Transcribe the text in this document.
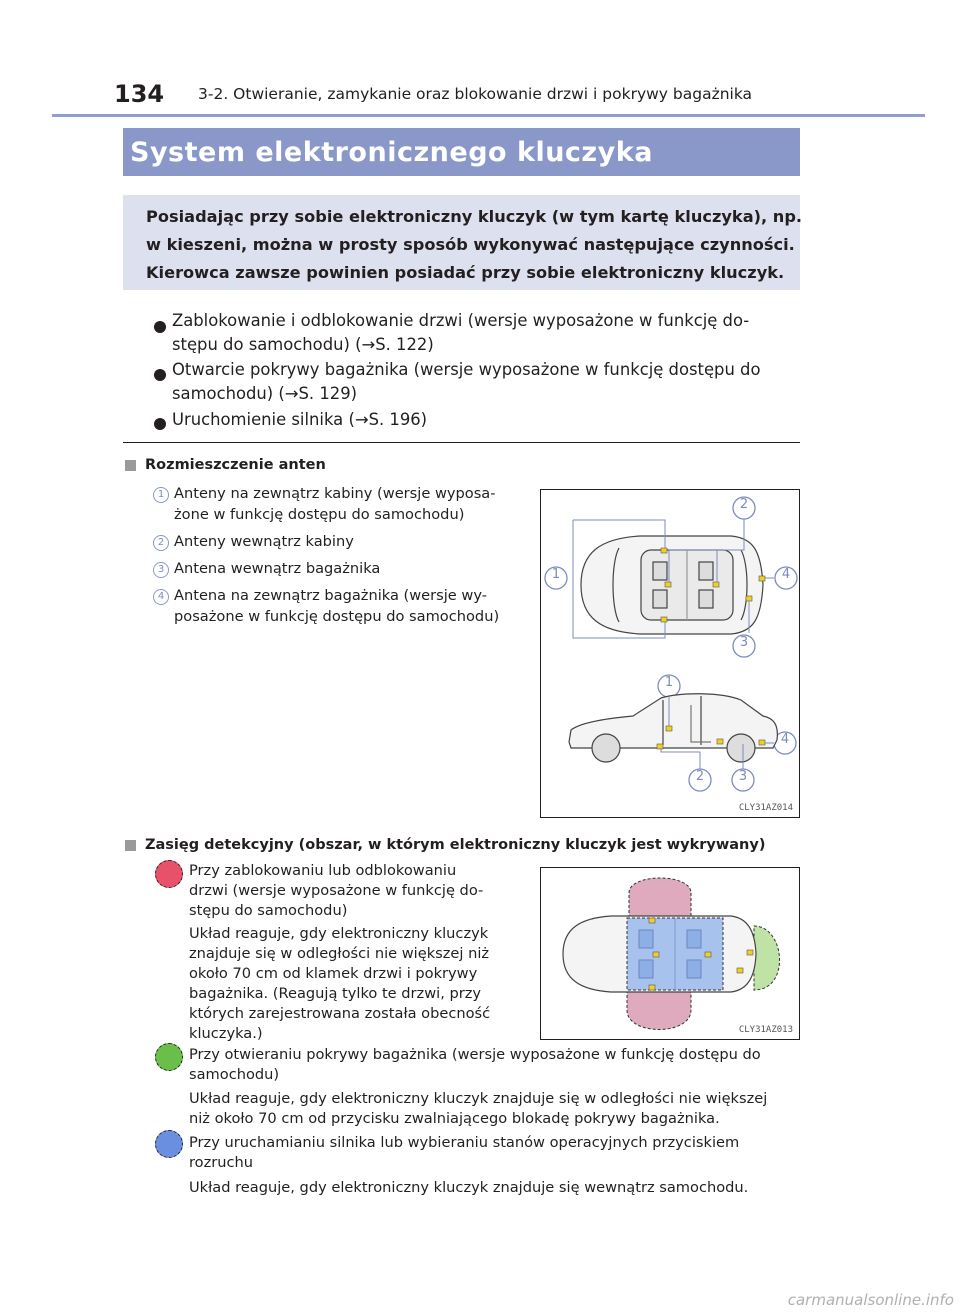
134 3-2. Otwieranie, zamykanie oraz blokowanie drzwi i pokrywy bagażnika
System elektronicznego kluczyka
Posiadając przy sobie elektroniczny kluczyk (w tym kartę kluczyka), np.
w kieszeni, można w prosty sposób wykonywać następujące czynności.
Kierowca zawsze powinien posiadać przy sobie elektroniczny kluczyk.
Zablokowanie i odblokowanie drzwi (wersje wyposażone w funkcję do-
stępu do samochodu) (→S. 122)
Otwarcie pokrywy bagażnika (wersje wyposażone w funkcję dostępu do
samochodu) (→S. 129)
Uruchomienie silnika (→S. 196)
Rozmieszczenie anten
1 Anteny na zewnątrz kabiny (wersje wyposa-
żone w funkcję dostępu do samochodu)
2 Anteny wewnątrz kabiny
3 Antena wewnątrz bagażnika
4 Antena na zewnątrz bagażnika (wersje wy-
posażone w funkcję dostępu do samochodu)
1
2
4
3
1
2	3
4
CLY31AZ014
Zasięg detekcyjny (obszar, w którym elektroniczny kluczyk jest wykrywany)
CLY31AZ013
Przy zablokowaniu lub odblokowaniu
drzwi (wersje wyposażone w funkcję do-
stępu do samochodu)
Układ reaguje, gdy elektroniczny kluczyk
znajduje się w odległości nie większej niż
około 70 cm od klamek drzwi i pokrywy
bagażnika. (Reagują tylko te drzwi, przy
których zarejestrowana została obecność
kluczyka.)
Przy otwieraniu pokrywy bagażnika (wersje wyposażone w funkcję dostępu do
samochodu)
Układ reaguje, gdy elektroniczny kluczyk znajduje się w odległości nie większej
niż około 70 cm od przycisku zwalniającego blokadę pokrywy bagażnika.
Przy uruchamianiu silnika lub wybieraniu stanów operacyjnych przyciskiem
rozruchu
Układ reaguje, gdy elektroniczny kluczyk znajduje się wewnątrz samochodu.
carmanualsonline.info
